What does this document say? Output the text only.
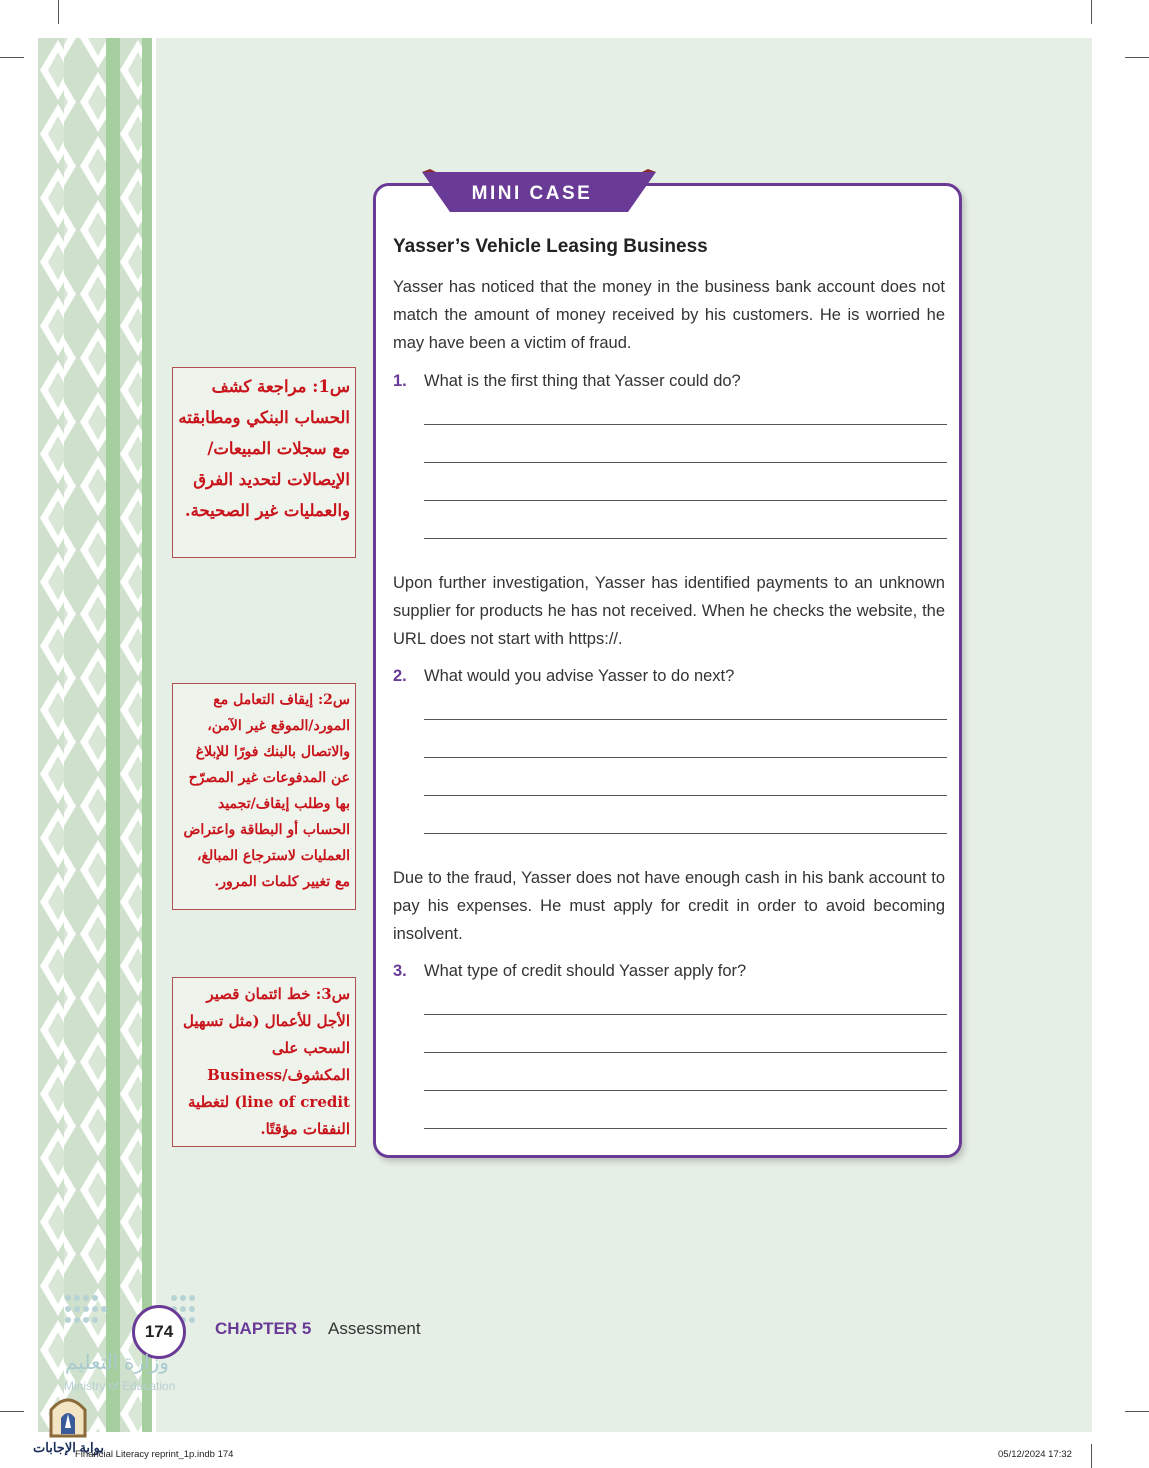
MINI CASE
Yasser’s Vehicle Leasing Business
Yasser has noticed that the money in the business bank account does not match the amount of money received by his customers. He is worried he may have been a victim of fraud.
1. What is the first thing that Yasser could do?
Upon further investigation, Yasser has identified payments to an unknown supplier for products he has not received. When he checks the website, the URL does not start with https://.
2. What would you advise Yasser to do next?
Due to the fraud, Yasser does not have enough cash in his bank account to pay his expenses. He must apply for credit in order to avoid becoming insolvent.
3. What type of credit should Yasser apply for?
س1: مراجعة كشف الحساب البنكي ومطابقته مع سجلات المبيعات/ الإيصالات لتحديد الفرق والعمليات غير الصحيحة.
س2: إيقاف التعامل مع المورد/الموقع غير الآمن، والاتصال بالبنك فورًا للإبلاغ عن المدفوعات غير المصرّح بها وطلب إيقاف/تجميد الحساب أو البطاقة واعتراض العمليات لاسترجاع المبالغ، مع تغيير كلمات المرور.
س3: خط ائتمان قصير الأجل للأعمال (مثل تسهيل السحب على المكشوف/Business line of credit) لتغطية النفقات مؤقتًا.
174	CHAPTER 5 Assessment
وزارة التعليم
Ministry of Education
بوابة الإجابات
Financial Literacy reprint_1p.indb 174	05/12/2024 17:32
